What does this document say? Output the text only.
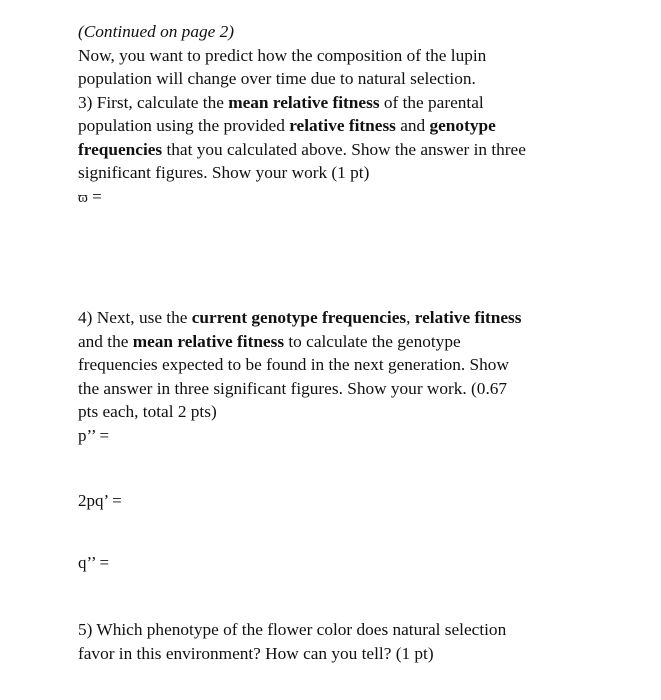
(Continued on page 2)
Now, you want to predict how the composition of the lupin
population will change over time due to natural selection.
3) First, calculate the mean relative fitness of the parental
population using the provided relative fitness and genotype
frequencies that you calculated above. Show the answer in three
significant figures. Show your work (1 pt)
ϖ =
4) Next, use the current genotype frequencies, relative fitness
and the mean relative fitness to calculate the genotype
frequencies expected to be found in the next generation. Show
the answer in three significant figures. Show your work. (0.67
pts each, total 2 pts)
p’’ =
2pq’ =
q’’ =
5) Which phenotype of the flower color does natural selection
favor in this environment? How can you tell? (1 pt)
